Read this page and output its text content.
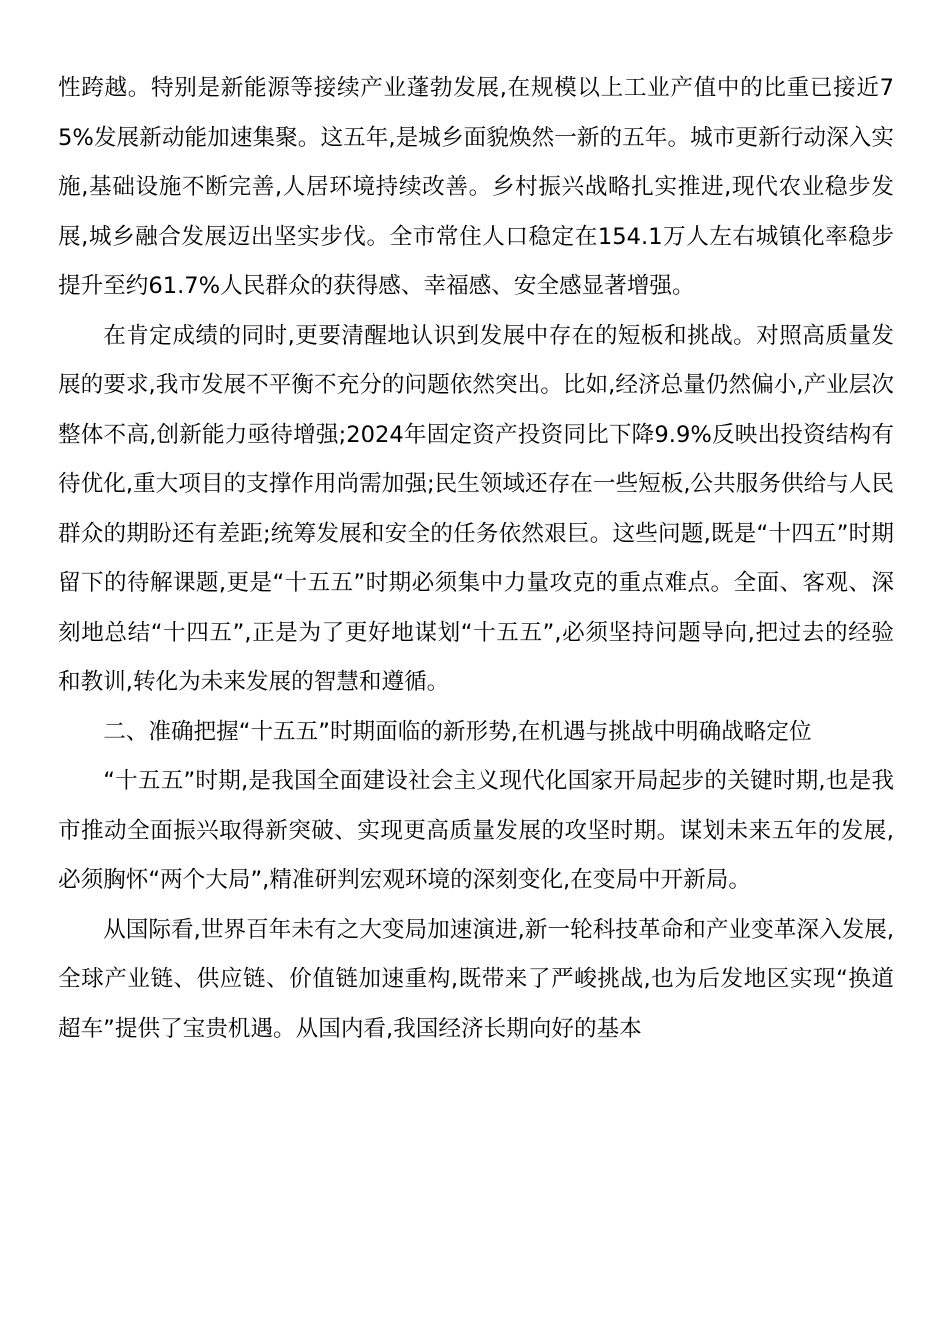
性跨越。特别是新能源等接续产业蓬勃发展,在规模以上工业产值中的比重已接近75%发展新动能加速集聚。这五年,是城乡面貌焕然一新的五年。城市更新行动深入实施,基础设施不断完善,人居环境持续改善。乡村振兴战略扎实推进,现代农业稳步发展,城乡融合发展迈出坚实步伐。全市常住人口稳定在154.1万人左右城镇化率稳步提升至约61.7%人民群众的获得感、幸福感、安全感显著增强。

在肯定成绩的同时,更要清醒地认识到发展中存在的短板和挑战。对照高质量发展的要求,我市发展不平衡不充分的问题依然突出。比如,经济总量仍然偏小,产业层次整体不高,创新能力亟待增强;2024年固定资产投资同比下降9.9%反映出投资结构有待优化,重大项目的支撑作用尚需加强;民生领域还存在一些短板,公共服务供给与人民群众的期盼还有差距;统筹发展和安全的任务依然艰巨。这些问题,既是“十四五”时期留下的待解课题,更是“十五五”时期必须集中力量攻克的重点难点。全面、客观、深刻地总结“十四五”,正是为了更好地谋划“十五五”,必须坚持问题导向,把过去的经验和教训,转化为未来发展的智慧和遵循。

二、准确把握“十五五”时期面临的新形势,在机遇与挑战中明确战略定位

“十五五”时期,是我国全面建设社会主义现代化国家开局起步的关键时期,也是我市推动全面振兴取得新突破、实现更高质量发展的攻坚时期。谋划未来五年的发展,必须胸怀“两个大局”,精准研判宏观环境的深刻变化,在变局中开新局。

从国际看,世界百年未有之大变局加速演进,新一轮科技革命和产业变革深入发展,全球产业链、供应链、价值链加速重构,既带来了严峻挑战,也为后发地区实现“换道超车”提供了宝贵机遇。从国内看,我国经济长期向好的基本
